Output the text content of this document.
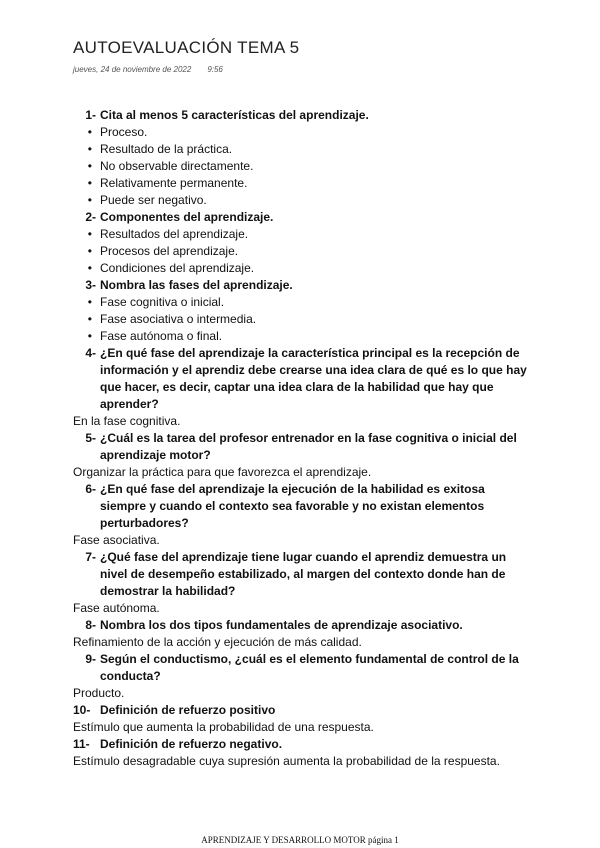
AUTOEVALUACIÓN TEMA 5
jueves, 24 de noviembre de 2022 9:56
1- Cita al menos 5 características del aprendizaje.
• Proceso.
• Resultado de la práctica.
• No observable directamente.
• Relativamente permanente.
• Puede ser negativo.
2- Componentes del aprendizaje.
• Resultados del aprendizaje.
• Procesos del aprendizaje.
• Condiciones del aprendizaje.
3- Nombra las fases del aprendizaje.
• Fase cognitiva o inicial.
• Fase asociativa o intermedia.
• Fase autónoma o final.
4- ¿En qué fase del aprendizaje la característica principal es la recepción de información y el aprendiz debe crearse una idea clara de qué es lo que hay que hacer, es decir, captar una idea clara de la habilidad que hay que aprender?
En la fase cognitiva.
5- ¿Cuál es la tarea del profesor entrenador en la fase cognitiva o inicial del aprendizaje motor?
Organizar la práctica para que favorezca el aprendizaje.
6- ¿En qué fase del aprendizaje la ejecución de la habilidad es exitosa siempre y cuando el contexto sea favorable y no existan elementos perturbadores?
Fase asociativa.
7- ¿Qué fase del aprendizaje tiene lugar cuando el aprendiz demuestra un nivel de desempeño estabilizado, al margen del contexto donde han de demostrar la habilidad?
Fase autónoma.
8- Nombra los dos tipos fundamentales de aprendizaje asociativo.
Refinamiento de la acción y ejecución de más calidad.
9- Según el conductismo, ¿cuál es el elemento fundamental de control de la conducta?
Producto.
10- Definición de refuerzo positivo
Estímulo que aumenta la probabilidad de una respuesta.
11- Definición de refuerzo negativo.
Estímulo desagradable cuya supresión aumenta la probabilidad de la respuesta.
APRENDIZAJE Y DESARROLLO MOTOR página 1
